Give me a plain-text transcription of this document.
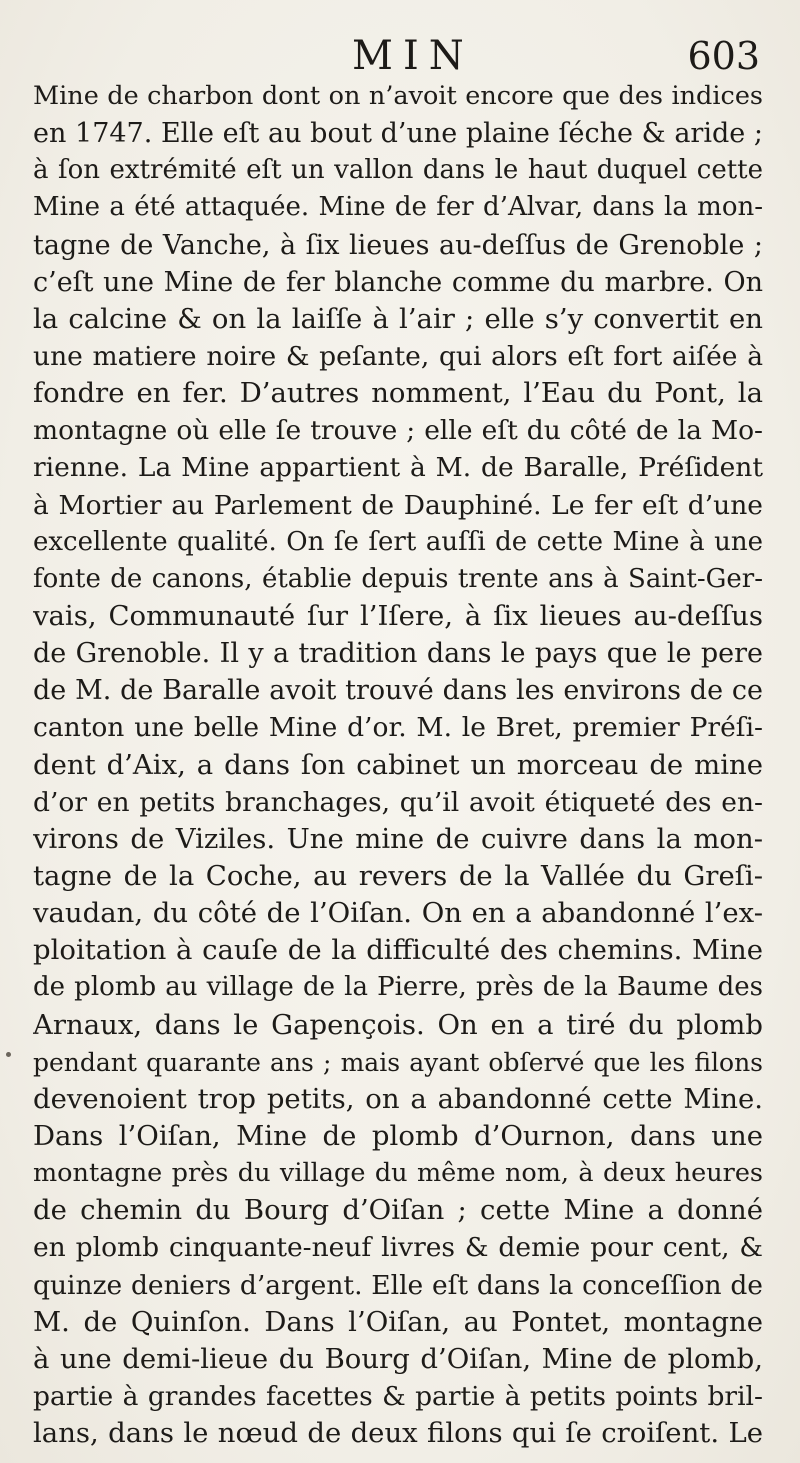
MIN	603
Mine de charbon dont on n’avoit encore que des indices
en 1747. Elle eſt au bout d’une plaine ſéche & aride ;
à ſon extrémité eſt un vallon dans le haut duquel cette
Mine a été attaquée. Mine de fer d’Alvar, dans la mon-
tagne de Vanche, à ſix lieues au-deſſus de Grenoble ;
c’eſt une Mine de fer blanche comme du marbre. On
la calcine & on la laiſſe à l’air ; elle s’y convertit en
une matiere noire & peſante, qui alors eſt fort aiſée à
fondre en fer. D’autres nomment, l’Eau du Pont, la
montagne où elle ſe trouve ; elle eſt du côté de la Mo-
rienne. La Mine appartient à M. de Baralle, Préſident
à Mortier au Parlement de Dauphiné. Le fer eſt d’une
excellente qualité. On ſe ſert auſſi de cette Mine à une
fonte de canons, établie depuis trente ans à Saint-Ger-
vais, Communauté ſur l’Iſere, à ſix lieues au-deſſus
de Grenoble. Il y a tradition dans le pays que le pere
de M. de Baralle avoit trouvé dans les environs de ce
canton une belle Mine d’or. M. le Bret, premier Préſi-
dent d’Aix, a dans ſon cabinet un morceau de mine
d’or en petits branchages, qu’il avoit étiqueté des en-
virons de Viziles. Une mine de cuivre dans la mon-
tagne de la Coche, au revers de la Vallée du Greſi-
vaudan, du côté de l’Oiſan. On en a abandonné l’ex-
ploitation à cauſe de la difficulté des chemins. Mine
de plomb au village de la Pierre, près de la Baume des
Arnaux, dans le Gapençois. On en a tiré du plomb
pendant quarante ans ; mais ayant obſervé que les filons
devenoient trop petits, on a abandonné cette Mine.
Dans l’Oiſan, Mine de plomb d’Ournon, dans une
montagne près du village du même nom, à deux heures
de chemin du Bourg d’Oiſan ; cette Mine a donné
en plomb cinquante-neuf livres & demie pour cent, &
quinze deniers d’argent. Elle eſt dans la conceſſion de
M. de Quinſon. Dans l’Oiſan, au Pontet, montagne
à une demi-lieue du Bourg d’Oiſan, Mine de plomb,
partie à grandes facettes & partie à petits points bril-
lans, dans le nœud de deux filons qui ſe croiſent. Le
